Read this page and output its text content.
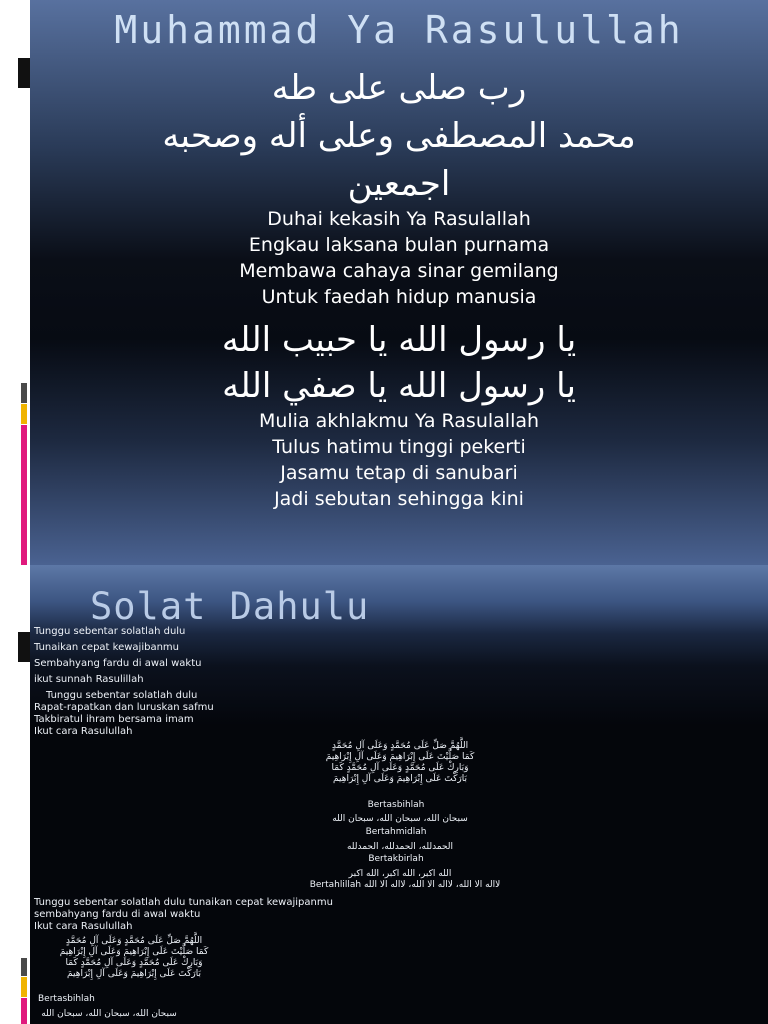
Muhammad Ya Rasulullah
رب صلى على طه
محمد المصطفى وعلى أله وصحبه
اجمعين
Duhai kekasih Ya Rasulallah
Engkau laksana bulan purnama
Membawa cahaya sinar gemilang
Untuk faedah hidup manusia
يا رسول الله يا حبيب الله
يا رسول الله يا صفي الله
Mulia akhlakmu Ya Rasulallah
Tulus hatimu tinggi pekerti
Jasamu tetap di sanubari
Jadi sebutan sehingga kini
Solat Dahulu
Tunggu sebentar solatlah dulu
Tunaikan cepat kewajibanmu
Sembahyang fardu di awal waktu
ikut sunnah Rasulillah
Tunggu sebentar solatlah dulu
Rapat-rapatkan dan luruskan safmu
Takbiratul ihram bersama imam
Ikut cara Rasulullah
اللَّهُمَّ صَلِّ عَلَى مُحَمَّدٍ وَعَلَى آلِ مُحَمَّدٍ
كَمَا صَلَّيْتَ عَلَى إِبْرَاهِيمَ وَعَلَى آلِ إِبْرَاهِيمَ
وَبَارِكْ عَلَى مُحَمَّدٍ وَعَلَى آلِ مُحَمَّدٍ كَمَا
بَارَكْتَ عَلَى إِبْرَاهِيمَ وَعَلَى آلِ إِبْرَاهِيمَ
Bertasbihlah
سبحان الله، سبحان الله، سبحان الله
Bertahmidlah
الحمدلله، الحمدلله، الحمدلله
Bertakbirlah
الله اكبر، الله اكبر، الله اكبر
Bertahlillah لااله الا الله، لااله الا الله، لااله الا الله
Tunggu sebentar solatlah dulu tunaikan cepat kewajipanmu
sembahyang fardu di awal waktu
Ikut cara Rasulullah
اللَّهُمَّ صَلِّ عَلَى مُحَمَّدٍ وَعَلَى آلِ مُحَمَّدٍ
كَمَا صَلَّيْتَ عَلَى إِبْرَاهِيمَ وَعَلَى آلِ إِبْرَاهِيمَ
وَبَارِكْ عَلَى مُحَمَّدٍ وَعَلَى آلِ مُحَمَّدٍ كَمَا
بَارَكْتَ عَلَى إِبْرَاهِيمَ وَعَلَى آلِ إِبْرَاهِيمَ
Bertasbihlah
سبحان الله، سبحان الله، سبحان الله
